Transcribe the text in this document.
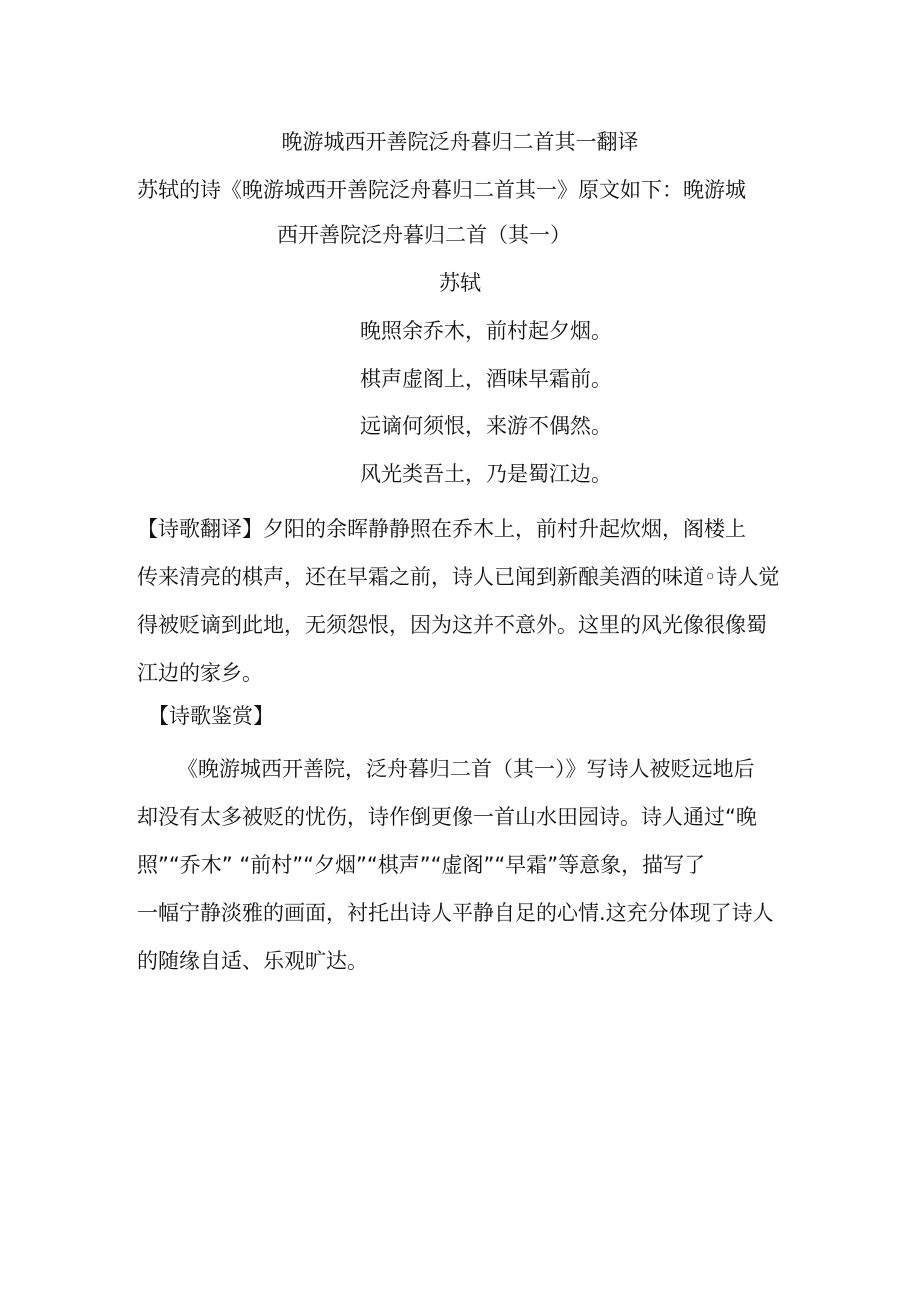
晚游城西开善院泛舟暮归二首其一翻译
苏轼的诗《晚游城西开善院泛舟暮归二首其一》原文如下：晚游城
西开善院泛舟暮归二首（其一）
苏轼
晚照余乔木，前村起夕烟。
棋声虚阁上，酒味早霜前。
远谪何须恨，来游不偶然。
风光类吾土，乃是蜀江边。
【诗歌翻译】夕阳的余晖静静照在乔木上，前村升起炊烟，阁楼上
传来清亮的棋声，还在早霜之前，诗人已闻到新酿美酒的味道◦诗人觉
得被贬谪到此地，无须怨恨，因为这并不意外。这里的风光像很像蜀
江边的家乡。
【诗歌鉴赏】
《晚游城西开善院，泛舟暮归二首（其一）》写诗人被贬远地后
却没有太多被贬的忧伤，诗作倒更像一首山水田园诗。诗人通过“晚
照”“乔木” “前村”“夕烟”“棋声”“虚阁”“早霜”等意象，描写了
一幅宁静淡雅的画面，衬托出诗人平静自足的心情.这充分体现了诗人
的随缘自适、乐观旷达。
